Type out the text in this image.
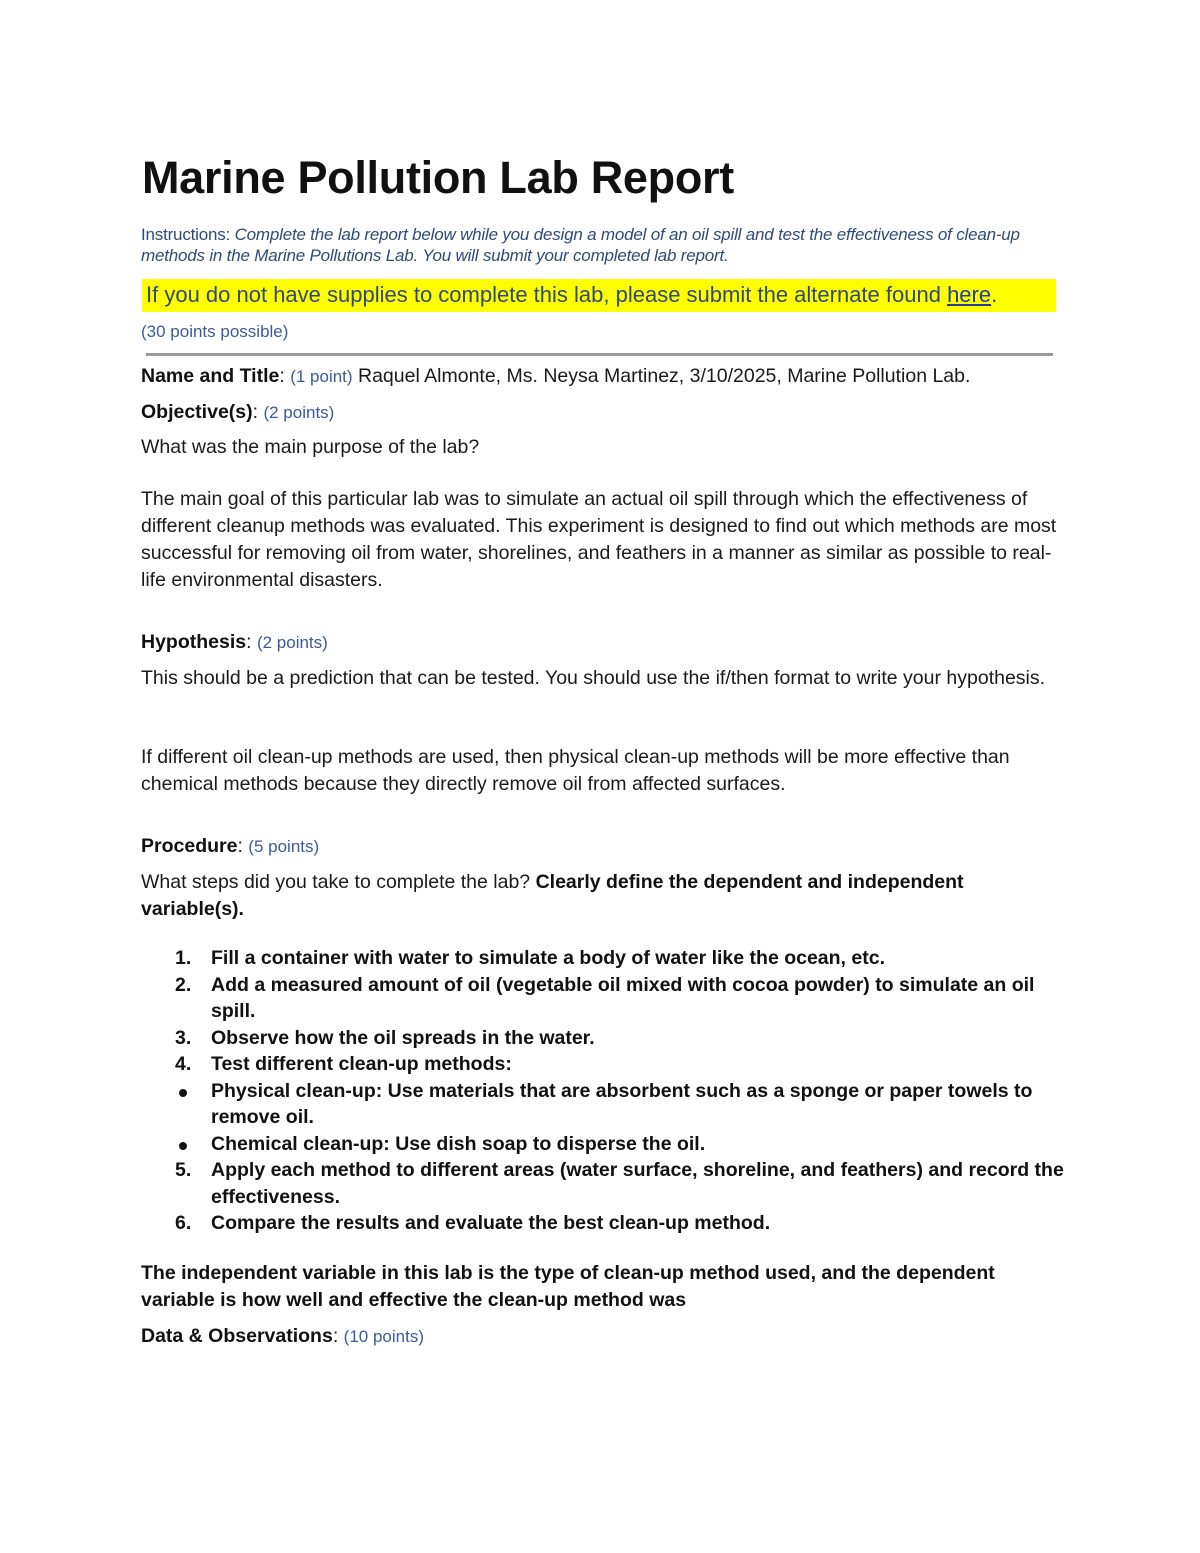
Marine Pollution Lab Report
Instructions: Complete the lab report below while you design a model of an oil spill and test the effectiveness of clean-up methods in the Marine Pollutions Lab. You will submit your completed lab report.
If you do not have supplies to complete this lab, please submit the alternate found here.
(30 points possible)
Name and Title: (1 point) Raquel Almonte, Ms. Neysa Martinez, 3/10/2025, Marine Pollution Lab.
Objective(s): (2 points)
What was the main purpose of the lab?
The main goal of this particular lab was to simulate an actual oil spill through which the effectiveness of different cleanup methods was evaluated. This experiment is designed to find out which methods are most successful for removing oil from water, shorelines, and feathers in a manner as similar as possible to real-life environmental disasters.
Hypothesis: (2 points)
This should be a prediction that can be tested. You should use the if/then format to write your hypothesis.
If different oil clean-up methods are used, then physical clean-up methods will be more effective than chemical methods because they directly remove oil from affected surfaces.
Procedure: (5 points)
What steps did you take to complete the lab? Clearly define the dependent and independent variable(s).
1. Fill a container with water to simulate a body of water like the ocean, etc.
2. Add a measured amount of oil (vegetable oil mixed with cocoa powder) to simulate an oil spill.
3. Observe how the oil spreads in the water.
4. Test different clean-up methods:
Physical clean-up: Use materials that are absorbent such as a sponge or paper towels to remove oil.
Chemical clean-up: Use dish soap to disperse the oil.
5. Apply each method to different areas (water surface, shoreline, and feathers) and record the effectiveness.
6. Compare the results and evaluate the best clean-up method.
The independent variable in this lab is the type of clean-up method used, and the dependent variable is how well and effective the clean-up method was
Data & Observations: (10 points)
